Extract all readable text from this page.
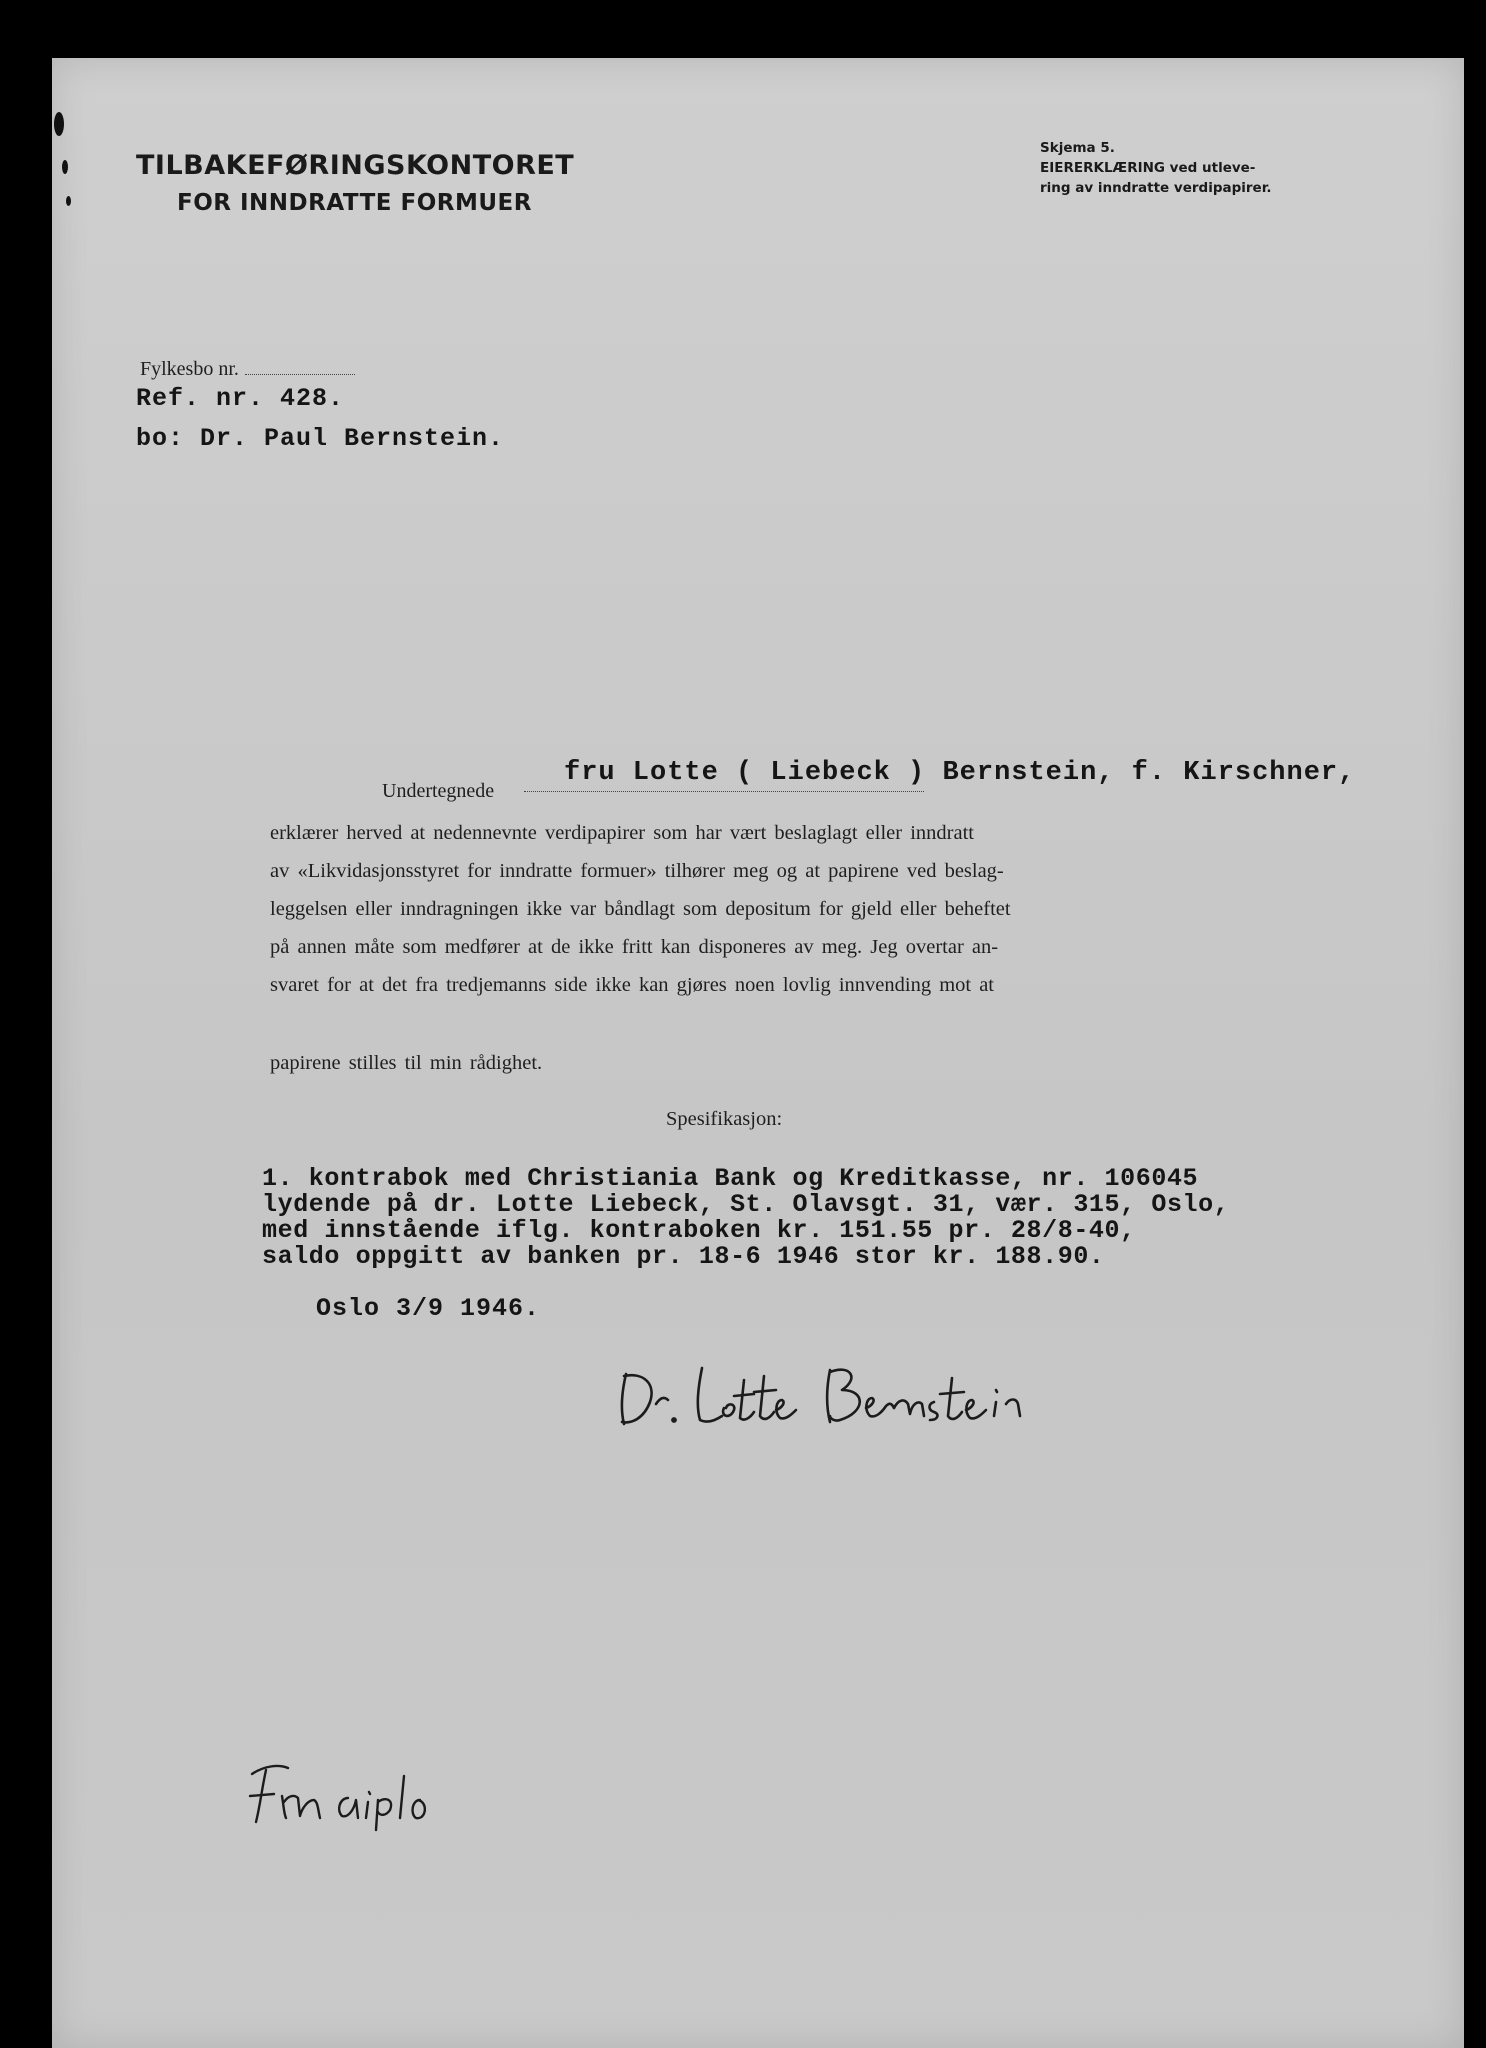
TILBAKEFØRINGSKONTORET
FOR INNDRATTE FORMUER
Skjema 5.
EIERERKLÆRING ved utleve-
ring av inndratte verdipapirer.
Fylkesbo nr.
Ref. nr. 428.
bo: Dr. Paul Bernstein.
Undertegnede
fru Lotte ( Liebeck ) Bernstein, f. Kirschner,
erklærer herved at nedennevnte verdipapirer som har vært beslaglagt eller inndratt
av «Likvidasjonsstyret for inndratte formuer» tilhører meg og at papirene ved beslag-
leggelsen eller inndragningen ikke var båndlagt som depositum for gjeld eller beheftet
på annen måte som medfører at de ikke fritt kan disponeres av meg. Jeg overtar an-
svaret for at det fra tredjemanns side ikke kan gjøres noen lovlig innvending mot at
papirene stilles til min rådighet.
Spesifikasjon:
1. kontrabok med Christiania Bank og Kreditkasse, nr. 106045
lydende på dr. Lotte Liebeck, St. Olavsgt. 31, vær. 315, Oslo,
med innstående iflg. kontraboken kr. 151.55 pr. 28/8-40,
saldo oppgitt av banken pr. 18-6 1946 stor kr. 188.90.
Oslo 3/9 1946.
